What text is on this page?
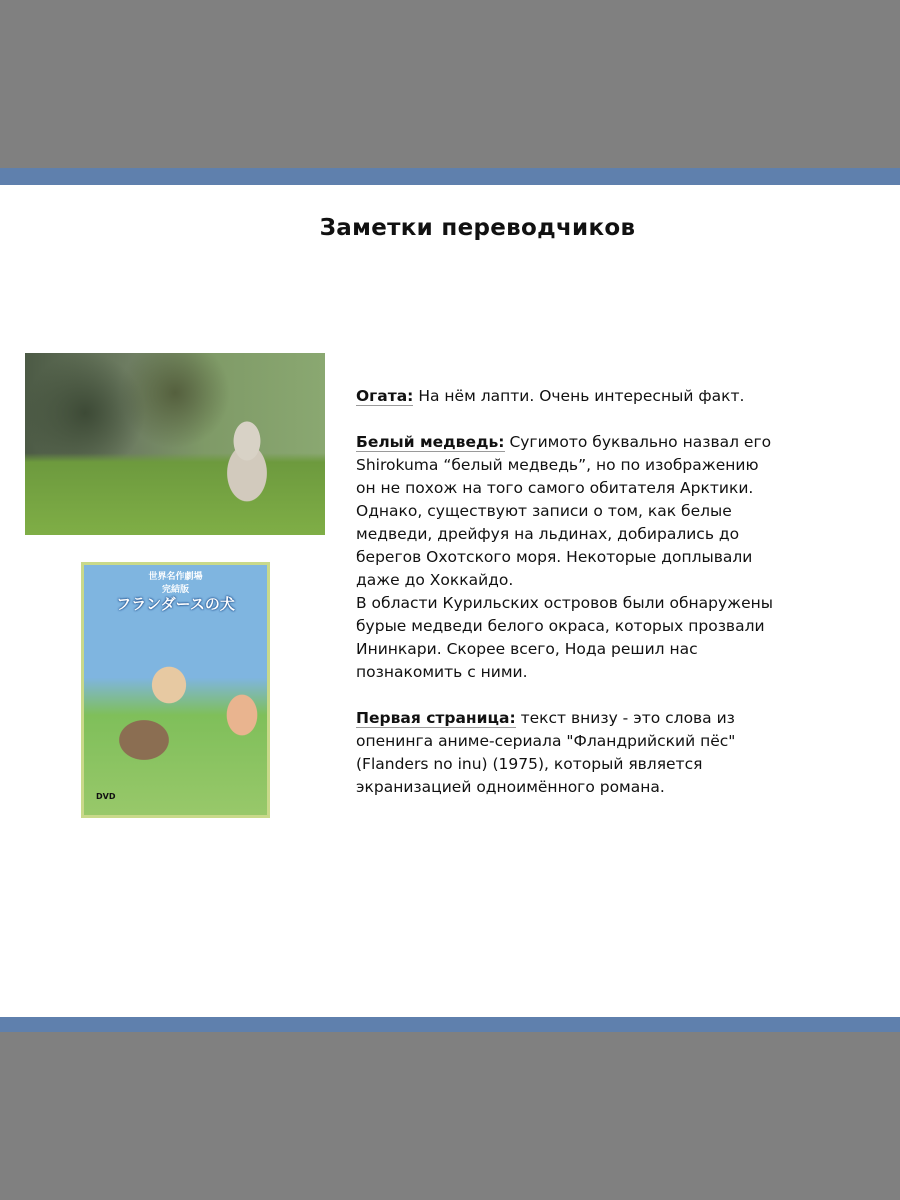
Заметки переводчиков
世界名作劇場
完結版
フランダースの犬
DVD

Огата: На нём лапти. Очень интересный факт.

Белый медведь: Сугимото буквально назвал его
Shirokuma “белый медведь”, но по изображению
он не похож на того самого обитателя Арктики.
Однако, существуют записи о том, как белые
медведи, дрейфуя на льдинах, добирались до
берегов Охотского моря. Некоторые доплывали
даже до Хоккайдо.
В области Курильских островов были обнаружены
бурые медведи белого окраса, которых прозвали
Ининкари. Скорее всего, Нода решил нас
познакомить с ними.

Первая страница: текст внизу - это слова из
опенинга аниме-сериала "Фландрийский пёс"
(Flanders no inu) (1975), который является
экранизацией одноимённого романа.
